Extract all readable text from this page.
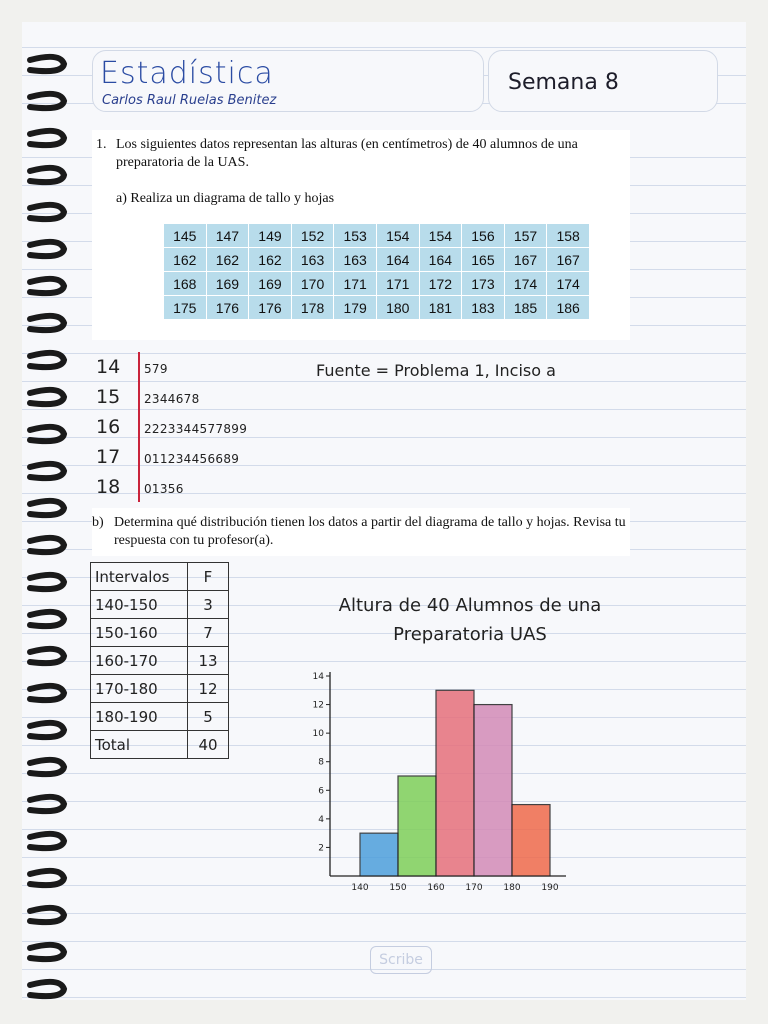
Estadística
Carlos Raul Ruelas Benitez
Semana 8
1. Los siguientes datos representan las alturas (en centímetros) de 40 alumnos de una preparatoria de la UAS.
a) Realiza un diagrama de tallo y hojas
145	147	149	152	153	154	154	156	157	158
162	162	162	163	163	164	164	165	167	167
168	169	169	170	171	171	172	173	174	174
175	176	176	178	179	180	181	183	185	186
14 579
15 2344678
16 2223344577899
17 011234456689
18 01356
Fuente = Problema 1, Inciso a
b) Determina qué distribución tienen los datos a partir del diagrama de tallo y hojas. Revisa tu respuesta con tu profesor(a).
Intervalos	F
140-150	3
150-160	7
160-170	13
170-180	12
180-190	5
Total	40
Altura de 40 Alumnos de una
Preparatoria UAS
2
4
6
8
10
12
14
140 150 160 170 180 190
Scribe
